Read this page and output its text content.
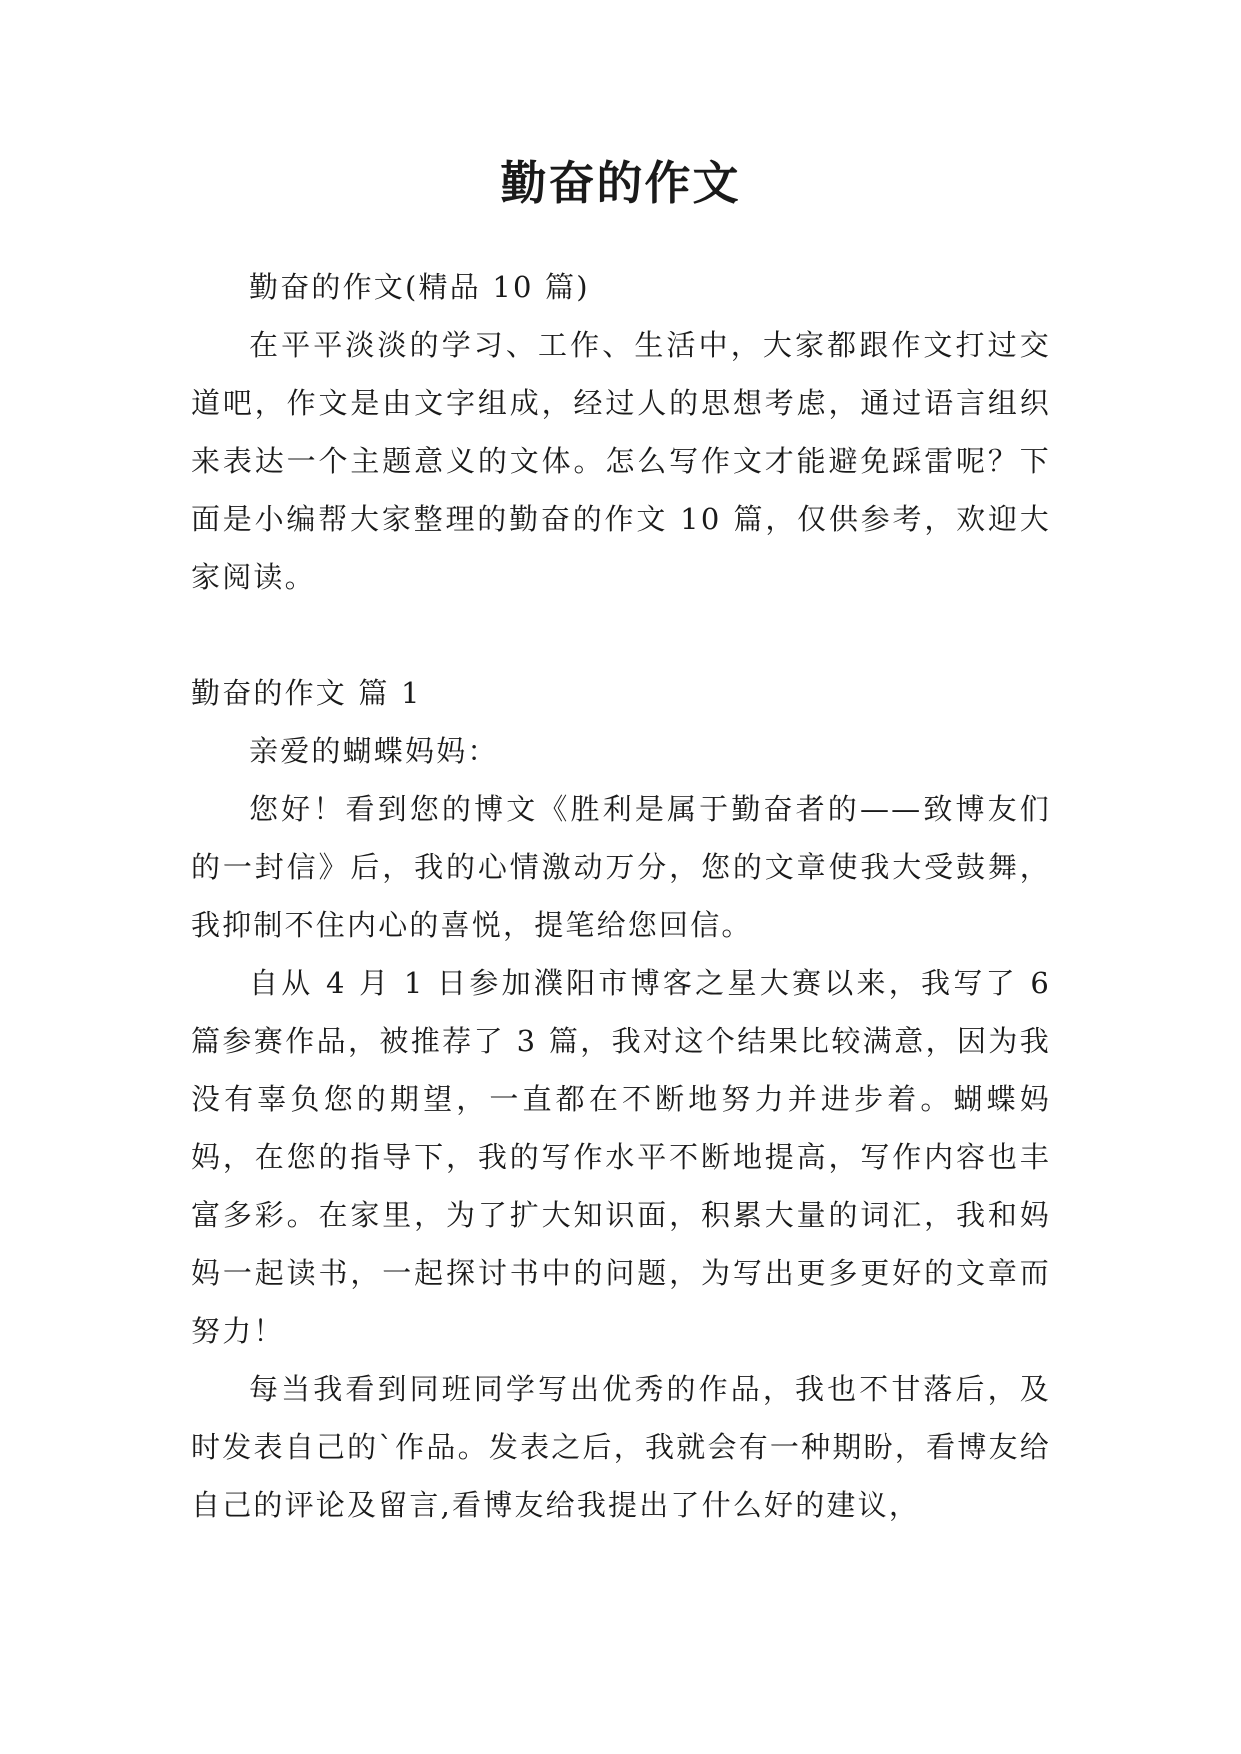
勤奋的作文

勤奋的作文(精品 10 篇)

在平平淡淡的学习、工作、生活中，大家都跟作文打过交道吧，作文是由文字组成，经过人的思想考虑，通过语言组织来表达一个主题意义的文体。怎么写作文才能避免踩雷呢？下面是小编帮大家整理的勤奋的作文 10 篇，仅供参考，欢迎大家阅读。

勤奋的作文 篇 1

亲爱的蝴蝶妈妈：

您好！看到您的博文《胜利是属于勤奋者的——致博友们的一封信》后，我的心情激动万分，您的文章使我大受鼓舞，我抑制不住内心的喜悦，提笔给您回信。

自从 4 月 1 日参加濮阳市博客之星大赛以来，我写了 6 篇参赛作品，被推荐了 3 篇，我对这个结果比较满意，因为我没有辜负您的期望，一直都在不断地努力并进步着。蝴蝶妈妈，在您的指导下，我的写作水平不断地提高，写作内容也丰富多彩。在家里，为了扩大知识面，积累大量的词汇，我和妈妈一起读书，一起探讨书中的问题，为写出更多更好的文章而努力！

每当我看到同班同学写出优秀的作品，我也不甘落后，及时发表自己的`作品。发表之后，我就会有一种期盼，看博友给自己的评论及留言,看博友给我提出了什么好的建议，
